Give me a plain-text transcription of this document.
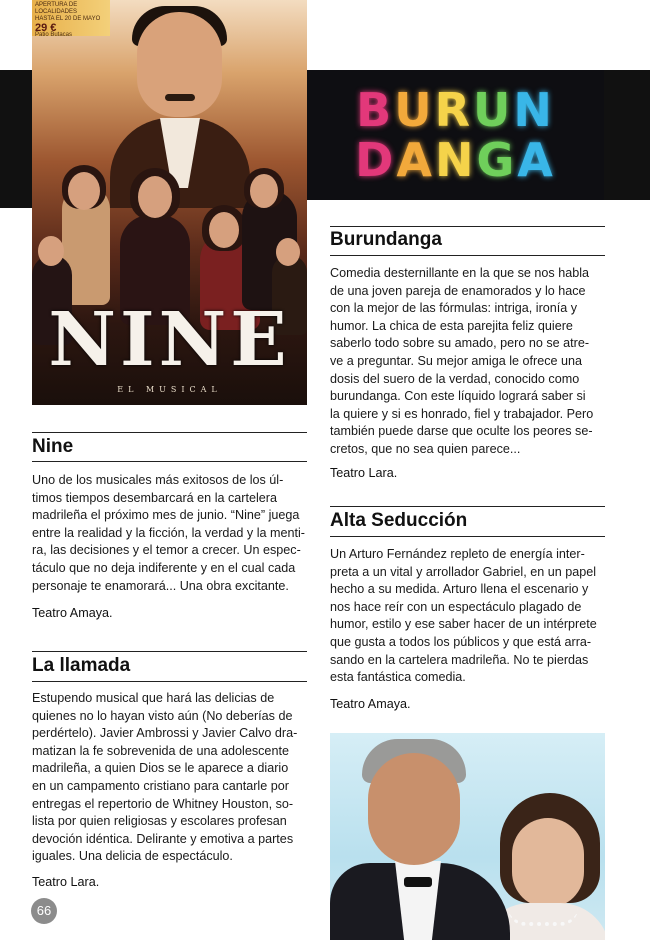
APERTURA DE LOCALIDADES
HASTA EL 20 DE MAYO
29 €
Patio Butacas
NINE
EL MUSICAL
BURUN
DANGA
Nine
Uno de los musicales más exitosos de los úl-
timos tiempos desembarcará en la cartelera
madrileña el próximo mes de junio. “Nine” juega
entre la realidad y la ficción, la verdad y la menti-
ra, las decisiones y el temor a crecer. Un espec-
táculo que no deja indiferente y en el cual cada
personaje te enamorará... Una obra excitante.
Teatro Amaya.
La llamada
Estupendo musical que hará las delicias de
quienes no lo hayan visto aún (No deberías de
perdértelo). Javier Ambrossi y Javier Calvo dra-
matizan la fe sobrevenida de una adolescente
madrileña, a quien Dios se le aparece a diario
en un campamento cristiano para cantarle por
entregas el repertorio de Whitney Houston, so-
lista por quien religiosas y escolares profesan
devoción idéntica. Delirante y emotiva a partes
iguales. Una delicia de espectáculo.
Teatro Lara.
Burundanga
Comedia desternillante en la que se nos habla
de una joven pareja de enamorados y lo hace
con la mejor de las fórmulas: intriga, ironía y
humor. La chica de esta parejita feliz quiere
saberlo todo sobre su amado, pero no se atre-
ve a preguntar. Su mejor amiga le ofrece una
dosis del suero de la verdad, conocido como
burundanga. Con este líquido logrará saber si
la quiere y si es honrado, fiel y trabajador. Pero
también puede darse que oculte los peores se-
cretos, que no sea quien parece...
Teatro Lara.
Alta Seducción
Un Arturo Fernández repleto de energía inter-
preta a un vital y arrollador Gabriel, en un papel
hecho a su medida. Arturo llena el escenario y
nos hace reír con un espectáculo plagado de
humor, estilo y ese saber hacer de un intérprete
que gusta a todos los públicos y que está arra-
sando en la cartelera madrileña. No te pierdas
esta fantástica comedia.
Teatro Amaya.
66
